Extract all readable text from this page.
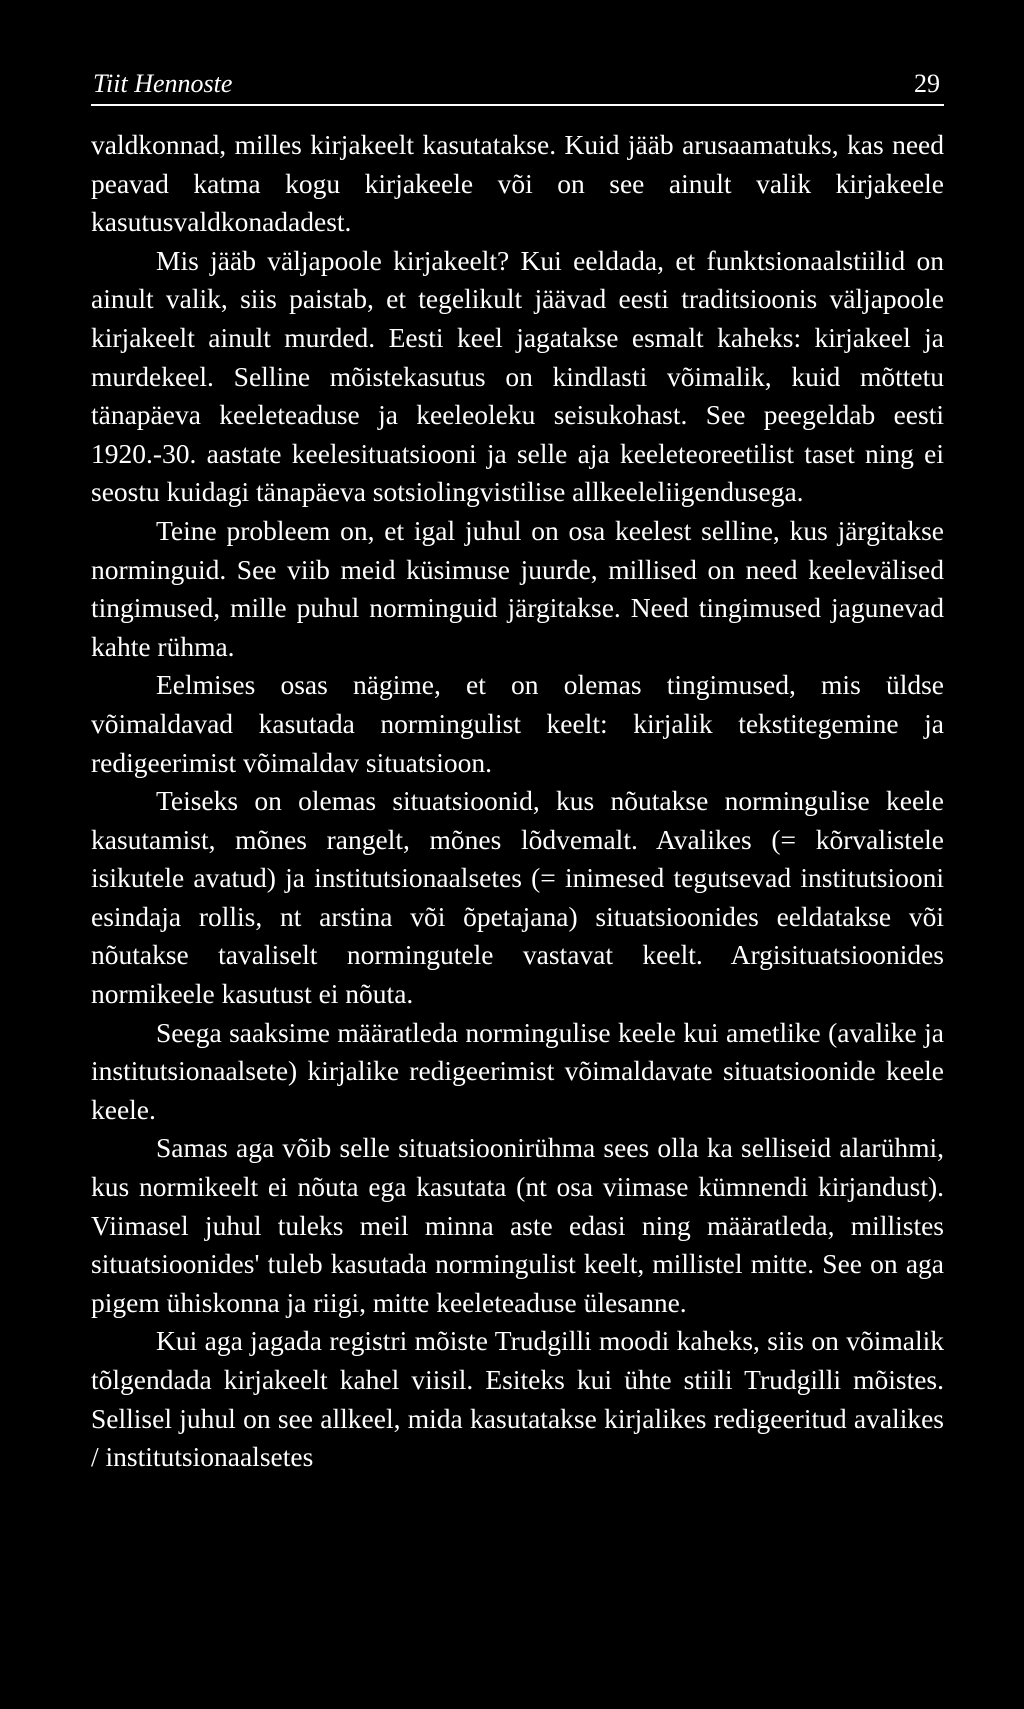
Tiit Hennoste	29

valdkonnad, milles kirjakeelt kasutatakse. Kuid jääb arusaamatuks, kas need peavad katma kogu kirjakeele või on see ainult valik kirjakeele kasutusvaldkonadadest.

Mis jääb väljapoole kirjakeelt? Kui eeldada, et funktsionaalstiilid on ainult valik, siis paistab, et tegelikult jäävad eesti traditsioonis väljapoole kirjakeelt ainult murded. Eesti keel jagatakse esmalt kaheks: kirjakeel ja murdekeel. Selline mõistekasutus on kindlasti võimalik, kuid mõttetu tänapäeva keeleteaduse ja keeleoleku seisukohast. See peegeldab eesti 1920.-30. aastate keelesituatsiooni ja selle aja keeleteoreetilist taset ning ei seostu kuidagi tänapäeva sotsiolingvistilise allkeeleliigendusega.

Teine probleem on, et igal juhul on osa keelest selline, kus järgitakse norminguid. See viib meid küsimuse juurde, millised on need keelevälised tingimused, mille puhul norminguid järgitakse. Need tingimused jagunevad kahte rühma.

Eelmises osas nägime, et on olemas tingimused, mis üldse võimaldavad kasutada normingulist keelt: kirjalik tekstitegemine ja redigeerimist võimaldav situatsioon.

Teiseks on olemas situatsioonid, kus nõutakse normingulise keele kasutamist, mõnes rangelt, mõnes lõdvemalt. Avalikes (= kõrvalistele isikutele avatud) ja institutsionaalsetes (= inimesed tegutsevad institutsiooni esindaja rollis, nt arstina või õpetajana) situatsioonides eeldatakse või nõutakse tavaliselt normingutele vastavat keelt. Argisituatsioonides normikeele kasutust ei nõuta.

Seega saaksime määratleda normingulise keele kui ametlike (avalike ja institutsionaalsete) kirjalike redigeerimist võimaldavate situatsioonide keele keele.

Samas aga võib selle situatsioonirühma sees olla ka selliseid alarühmi, kus normikeelt ei nõuta ega kasutata (nt osa viimase kümnendi kirjandust). Viimasel juhul tuleks meil minna aste edasi ning määratleda, millistes situatsioonides' tuleb kasutada normingulist keelt, millistel mitte. See on aga pigem ühiskonna ja riigi, mitte keeleteaduse ülesanne.

Kui aga jagada registri mõiste Trudgilli moodi kaheks, siis on võimalik tõlgendada kirjakeelt kahel viisil. Esiteks kui ühte stiili Trudgilli mõistes. Sellisel juhul on see allkeel, mida kasutatakse kirjalikes redigeeritud avalikes / institutsionaalsetes
